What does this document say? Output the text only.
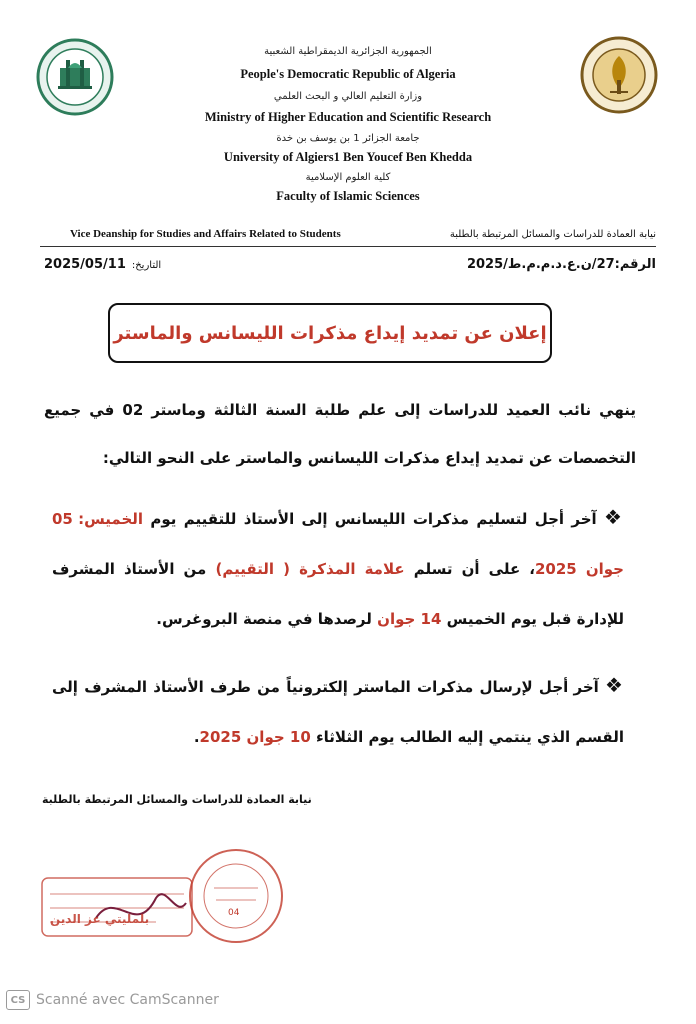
الجمهورية الجزائرية الديمقراطية الشعبية
People's Democratic Republic of Algeria
وزارة التعليم العالي و البحث العلمي
Ministry of Higher Education and Scientific Research
جامعة الجزائر 1 بن يوسف بن خدة
University of Algiers1 Ben Youcef Ben Khedda
كلية العلوم الإسلامية
Faculty of Islamic Sciences
Vice Deanship for Studies and Affairs Related to Students	نيابة العمادة للدراسات والمسائل المرتبطة بالطلبة
الرقم:27/ن.ع.د.م.م.ط/2025
2025/05/11 التاريخ:
إعلان عن تمديد إيداع مذكرات الليسانس والماستر
ينهي نائب العميد للدراسات إلى علم طلبة السنة الثالثة وماستر 02 في جميع التخصصات عن تمديد إيداع مذكرات الليسانس والماستر على النحو التالي:
❖ آخر أجل لتسليم مذكرات الليسانس إلى الأستاذ للتقييم يوم الخميس: 05 جوان 2025، على أن تسلم علامة المذكرة ( التقييم) من الأستاذ المشرف للإدارة قبل يوم الخميس 14 جوان لرصدها في منصة البروغرس.
❖ آخر أجل لإرسال مذكرات الماستر إلكترونياً من طرف الأستاذ المشرف إلى القسم الذي ينتمي إليه الطالب يوم الثلاثاء 10 جوان 2025.
نيابة العمادة للدراسات والمسائل المرتبطة بالطلبة
04
بلمليتي عز الدين
CS Scanné avec CamScanner
